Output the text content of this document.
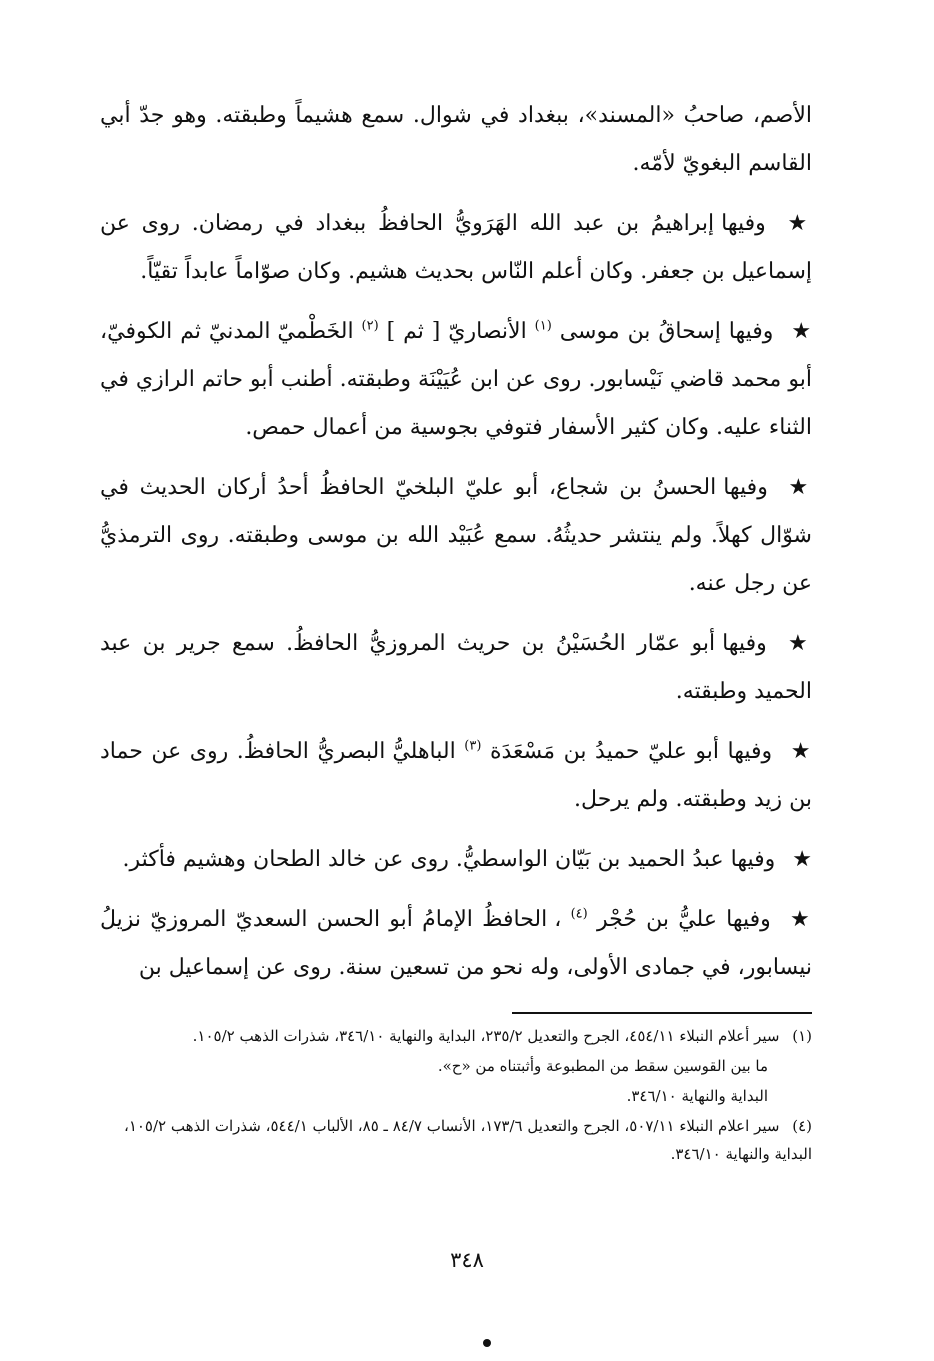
الأصم، صاحبُ «المسند»، ببغداد في شوال. سمع هشيماً وطبقته. وهو جدّ أبي القاسم البغويّ لأمّه.

★ وفيها إبراهيمُ بن عبد الله الهَرَويُّ الحافظُ ببغداد في رمضان. روى عن إسماعيل بن جعفر. وكان أعلم النّاس بحديث هشيم. وكان صوّاماً عابداً تقيّاً.

★ وفيها إسحاقُ بن موسى $^{(١)}$ الأنصاريّ [ ثم ] $^{(٢)}$ الخَطْميّ المدنيّ ثم الكوفيّ، أبو محمد قاضي نَيْسابور. روى عن ابن عُيَيْنَة وطبقته. أطنب أبو حاتم الرازي في الثناء عليه. وكان كثير الأسفار فتوفي بجوسية من أعمال حمص.

★ وفيها الحسنُ بن شجاع، أبو عليّ البلخيّ الحافظُ أحدُ أركان الحديث في شوّال كهلاً. ولم ينتشر حديثُهُ. سمع عُبَيْد الله بن موسى وطبقته. روى الترمذيُّ عن رجل عنه.

★ وفيها أبو عمّار الحُسَيْنُ بن حريث المروزيُّ الحافظُ. سمع جرير بن عبد الحميد وطبقته.

★ وفيها أبو عليّ حميدُ بن مَسْعَدَة $^{(٣)}$ الباهليُّ البصريُّ الحافظُ. روى عن حماد بن زيد وطبقته. ولم يرحل.

★ وفيها عبدُ الحميد بن بَيّان الواسطيُّ. روى عن خالد الطحان وهشيم فأكثر.

★ وفيها عليُّ بن حُجْر $^{(٤)}$ ، الحافظُ الإمامُ أبو الحسن السعديّ المروزيّ نزيلُ نيسابور، في جمادى الأولى، وله نحو من تسعين سنة. روى عن إسماعيل بن

(١) سير أعلام النبلاء ٤٥٤/١١، الجرح والتعديل ٢٣٥/٢، البداية والنهاية ٣٤٦/١٠، شذرات الذهب ١٠٥/٢.

ما بين القوسين سقط من المطبوعة وأثبتناه من «ح».

البداية والنهاية ٣٤٦/١٠.

(٤) سير اعلام النبلاء ٥٠٧/١١، الجرح والتعديل ١٧٣/٦، الأنساب ٨٤/٧ ـ ٨٥، الألباب ٥٤٤/١، شذرات الذهب ١٠٥/٢، البداية والنهاية ٣٤٦/١٠.

٣٤٨
